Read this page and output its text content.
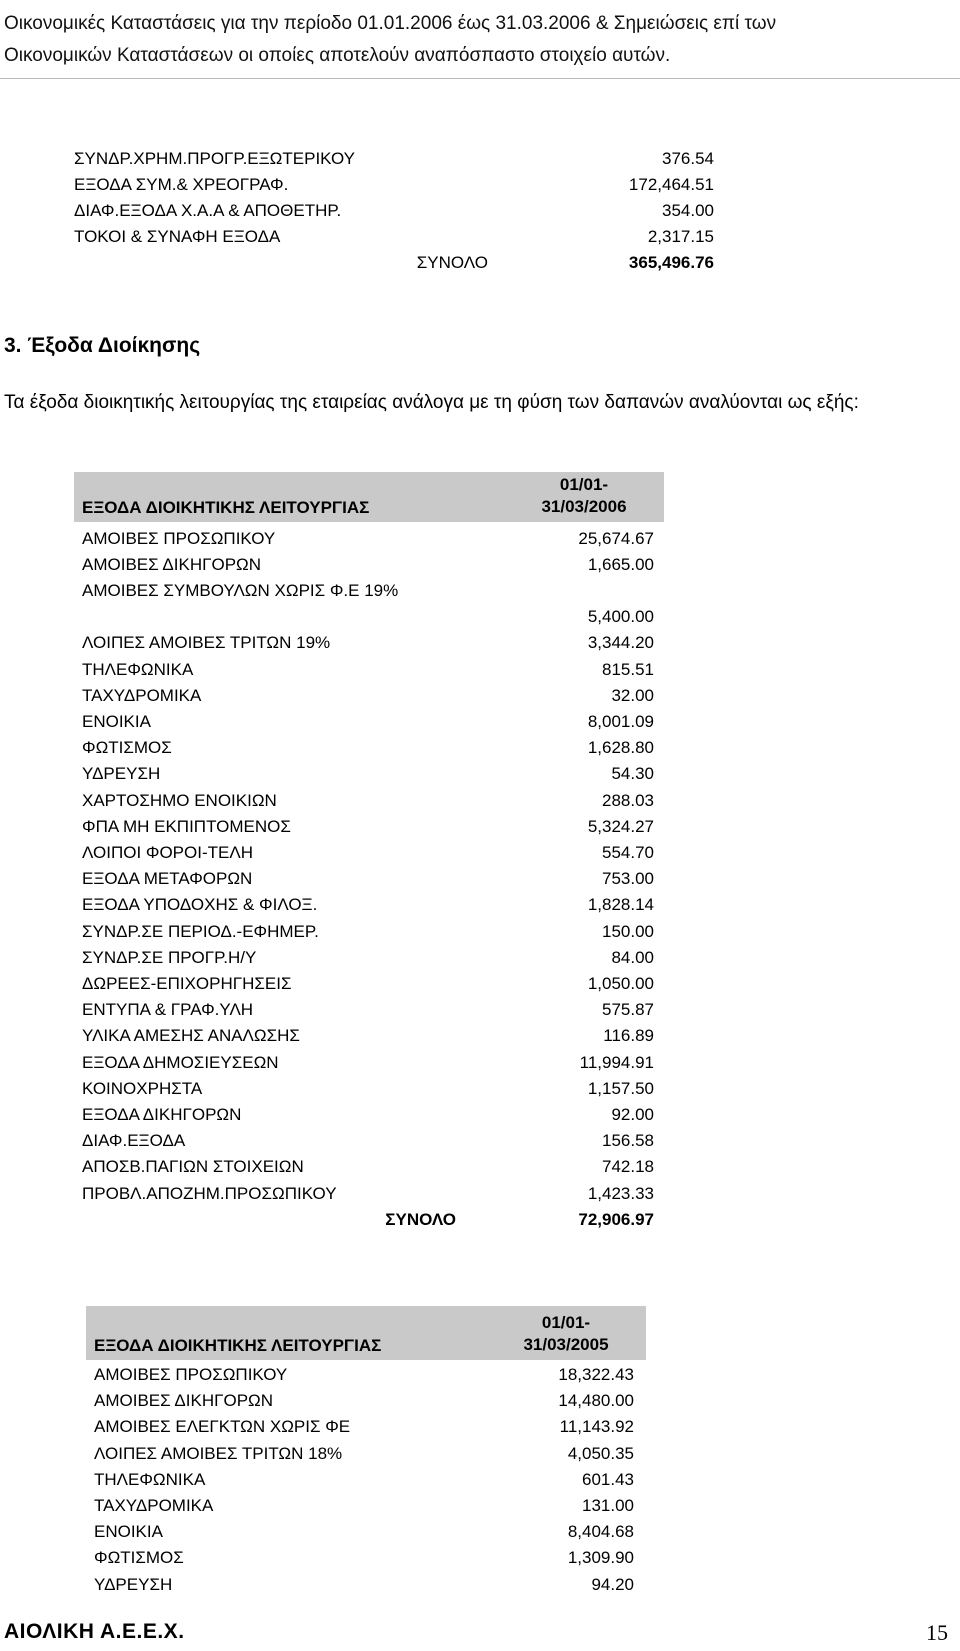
Οικονομικές Καταστάσεις για την περίοδο 01.01.2006 έως 31.03.2006 & Σημειώσεις επί των
Οικονομικών Καταστάσεων οι οποίες αποτελούν αναπόσπαστο στοιχείο αυτών.
ΣΥΝΔΡ.ΧΡΗΜ.ΠΡΟΓΡ.ΕΞΩΤΕΡΙΚΟΥ	376.54
ΕΞΟΔΑ ΣΥΜ.& ΧΡΕΟΓΡΑΦ.	172,464.51
ΔΙΑΦ.ΕΞΟΔΑ Χ.Α.Α & ΑΠΟΘΕΤΗΡ.	354.00
ΤΟΚΟΙ & ΣΥΝΑΦΗ ΕΞΟΔΑ	2,317.15
ΣΥΝΟΛΟ	365,496.76
3. Έξοδα Διοίκησης
Τα έξοδα διοικητικής λειτουργίας της εταιρείας ανάλογα με τη φύση των δαπανών αναλύονται ως εξής:
ΕΞΟΔΑ ΔΙΟΙΚΗΤΙΚΗΣ ΛΕΙΤΟΥΡΓΙΑΣ
01/01-
31/03/2006
ΑΜΟΙΒΕΣ ΠΡΟΣΩΠΙΚΟΥ	25,674.67
ΑΜΟΙΒΕΣ ΔΙΚΗΓΟΡΩΝ	1,665.00
ΑΜΟΙΒΕΣ ΣΥΜΒΟΥΛΩΝ ΧΩΡΙΣ Φ.Ε 19%
5,400.00
ΛΟΙΠΕΣ ΑΜΟΙΒΕΣ ΤΡΙΤΩΝ 19%	3,344.20
ΤΗΛΕΦΩΝΙΚΑ	815.51
ΤΑΧΥΔΡΟΜΙΚΑ	32.00
ΕΝΟΙΚΙΑ	8,001.09
ΦΩΤΙΣΜΟΣ	1,628.80
ΥΔΡΕΥΣΗ	54.30
ΧΑΡΤΟΣΗΜΟ ΕΝΟΙΚΙΩΝ	288.03
ΦΠΑ ΜΗ ΕΚΠΙΠΤΟΜΕΝΟΣ	5,324.27
ΛΟΙΠΟΙ ΦΟΡΟΙ-ΤΕΛΗ	554.70
ΕΞΟΔΑ ΜΕΤΑΦΟΡΩΝ	753.00
ΕΞΟΔΑ ΥΠΟΔΟΧΗΣ & ΦΙΛΟΞ.	1,828.14
ΣΥΝΔΡ.ΣΕ ΠΕΡΙΟΔ.-ΕΦΗΜΕΡ.	150.00
ΣΥΝΔΡ.ΣΕ ΠΡΟΓΡ.Η/Υ	84.00
ΔΩΡΕΕΣ-ΕΠΙΧΟΡΗΓΗΣΕΙΣ	1,050.00
ΕΝΤΥΠΑ & ΓΡΑΦ.ΥΛΗ	575.87
ΥΛΙΚΑ ΑΜΕΣΗΣ ΑΝΑΛΩΣΗΣ	116.89
ΕΞΟΔΑ ΔΗΜΟΣΙΕΥΣΕΩΝ	11,994.91
ΚΟΙΝΟΧΡΗΣΤΑ	1,157.50
ΕΞΟΔΑ ΔΙΚΗΓΟΡΩΝ	92.00
ΔΙΑΦ.ΕΞΟΔΑ	156.58
ΑΠΟΣΒ.ΠΑΓΙΩΝ ΣΤΟΙΧΕΙΩΝ	742.18
ΠΡΟΒΛ.ΑΠΟΖΗΜ.ΠΡΟΣΩΠΙΚΟΥ	1,423.33
ΣΥΝΟΛΟ	72,906.97
ΕΞΟΔΑ ΔΙΟΙΚΗΤΙΚΗΣ ΛΕΙΤΟΥΡΓΙΑΣ
01/01-
31/03/2005
ΑΜΟΙΒΕΣ ΠΡΟΣΩΠΙΚΟΥ	18,322.43
ΑΜΟΙΒΕΣ ΔΙΚΗΓΟΡΩΝ	14,480.00
ΑΜΟΙΒΕΣ ΕΛΕΓΚΤΩΝ ΧΩΡΙΣ ΦΕ	11,143.92
ΛΟΙΠΕΣ ΑΜΟΙΒΕΣ ΤΡΙΤΩΝ 18%	4,050.35
ΤΗΛΕΦΩΝΙΚΑ	601.43
ΤΑΧΥΔΡΟΜΙΚΑ	131.00
ΕΝΟΙΚΙΑ	8,404.68
ΦΩΤΙΣΜΟΣ	1,309.90
ΥΔΡΕΥΣΗ	94.20
ΑΙΟΛΙΚΗ Α.Ε.Ε.Χ.	15
